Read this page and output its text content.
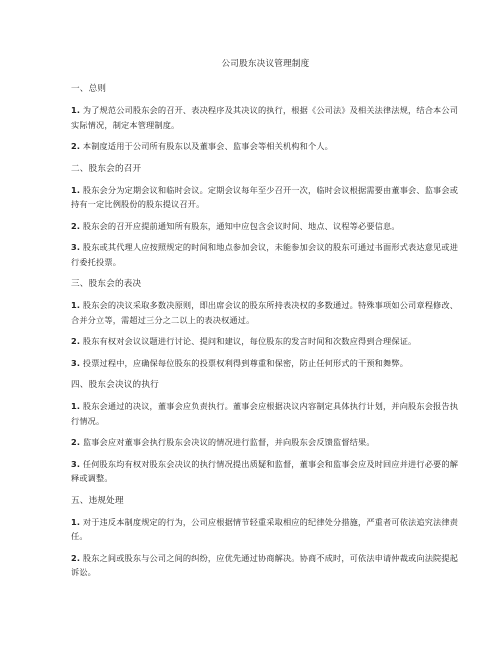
公司股东决议管理制度
一、总则

1. 为了规范公司股东会的召开、表决程序及其决议的执行，根据《公司法》及相关法律法规，结合本公司实际情况，制定本管理制度。

2. 本制度适用于公司所有股东以及董事会、监事会等相关机构和个人。

二、股东会的召开

1. 股东会分为定期会议和临时会议。定期会议每年至少召开一次，临时会议根据需要由董事会、监事会或持有一定比例股份的股东提议召开。

2. 股东会的召开应提前通知所有股东，通知中应包含会议时间、地点、议程等必要信息。

3. 股东或其代理人应按照规定的时间和地点参加会议，未能参加会议的股东可通过书面形式表达意见或进行委托投票。

三、股东会的表决

1. 股东会的决议采取多数决原则，即出席会议的股东所持表决权的多数通过。特殊事项如公司章程修改、合并分立等，需超过三分之二以上的表决权通过。

2. 股东有权对会议议题进行讨论、提问和建议，每位股东的发言时间和次数应得到合理保证。

3. 投票过程中，应确保每位股东的投票权利得到尊重和保密，防止任何形式的干预和舞弊。

四、股东会决议的执行

1. 股东会通过的决议，董事会应负责执行。董事会应根据决议内容制定具体执行计划，并向股东会报告执行情况。

2. 监事会应对董事会执行股东会决议的情况进行监督，并向股东会反馈监督结果。

3. 任何股东均有权对股东会决议的执行情况提出质疑和监督，董事会和监事会应及时回应并进行必要的解释或调整。

五、违规处理

1. 对于违反本制度规定的行为，公司应根据情节轻重采取相应的纪律处分措施，严重者可依法追究法律责任。

2. 股东之间或股东与公司之间的纠纷，应优先通过协商解决。协商不成时，可依法申请仲裁或向法院提起诉讼。
